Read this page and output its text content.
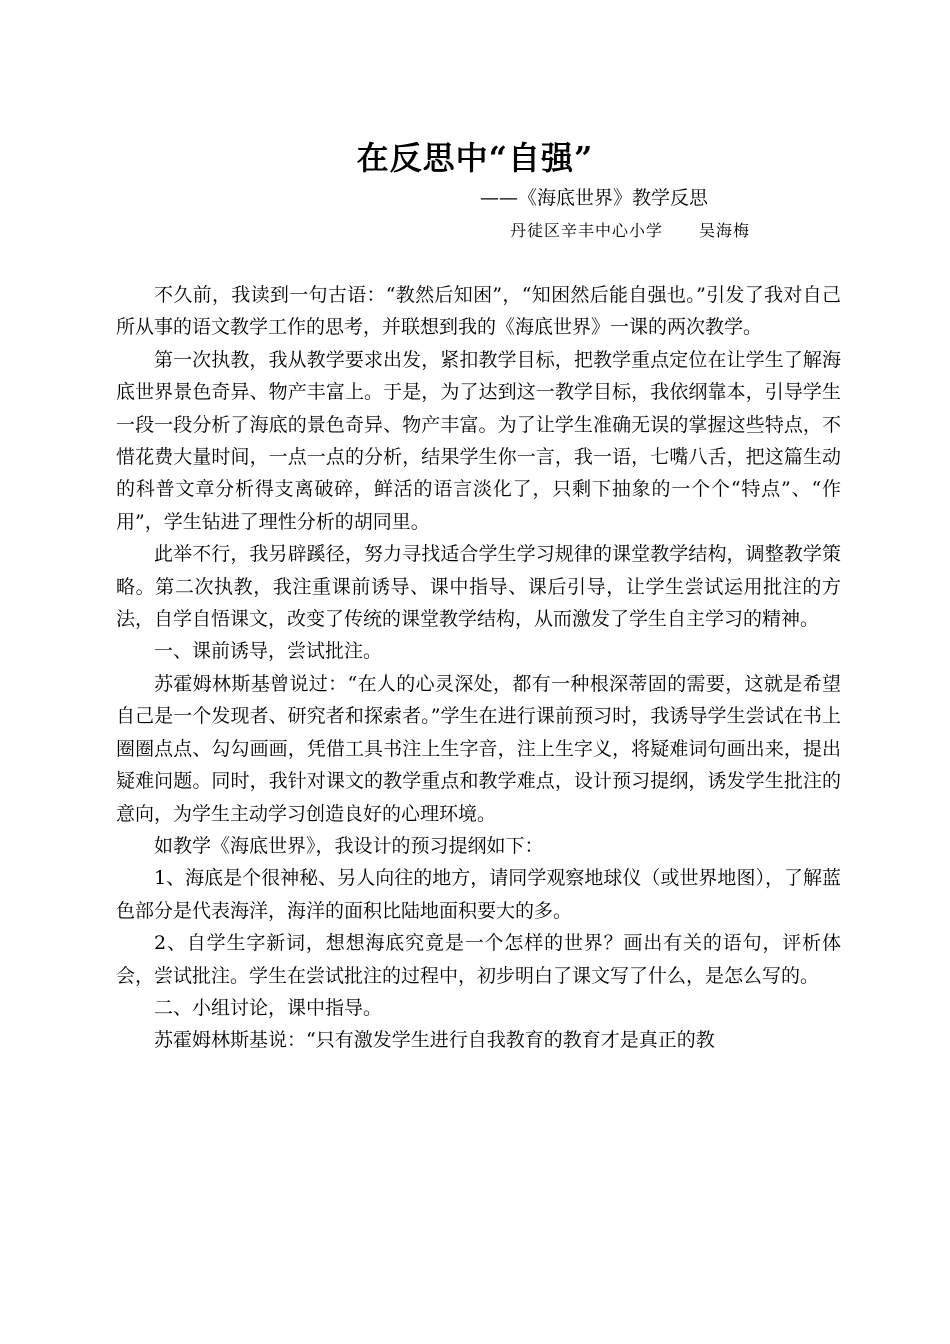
在反思中“自强”
——《海底世界》教学反思
丹徒区辛丰中心小学 吴海梅

不久前，我读到一句古语：“教然后知困”，“知困然后能自强也。”引发了我对自己所从事的语文教学工作的思考，并联想到我的《海底世界》一课的两次教学。

第一次执教，我从教学要求出发，紧扣教学目标，把教学重点定位在让学生了解海底世界景色奇异、物产丰富上。于是，为了达到这一教学目标，我依纲靠本，引导学生一段一段分析了海底的景色奇异、物产丰富。为了让学生准确无误的掌握这些特点，不惜花费大量时间，一点一点的分析，结果学生你一言，我一语，七嘴八舌，把这篇生动的科普文章分析得支离破碎，鲜活的语言淡化了，只剩下抽象的一个个“特点”、“作用”，学生钻进了理性分析的胡同里。

此举不行，我另辟蹊径，努力寻找适合学生学习规律的课堂教学结构，调整教学策略。第二次执教，我注重课前诱导、课中指导、课后引导，让学生尝试运用批注的方法，自学自悟课文，改变了传统的课堂教学结构，从而激发了学生自主学习的精神。

一、课前诱导，尝试批注。

苏霍姆林斯基曾说过：“在人的心灵深处，都有一种根深蒂固的需要，这就是希望自己是一个发现者、研究者和探索者。”学生在进行课前预习时，我诱导学生尝试在书上圈圈点点、勾勾画画，凭借工具书注上生字音，注上生字义，将疑难词句画出来，提出疑难问题。同时，我针对课文的教学重点和教学难点，设计预习提纲，诱发学生批注的意向，为学生主动学习创造良好的心理环境。

如教学《海底世界》，我设计的预习提纲如下：

1、海底是个很神秘、另人向往的地方，请同学观察地球仪（或世界地图），了解蓝色部分是代表海洋，海洋的面积比陆地面积要大的多。

2、自学生字新词，想想海底究竟是一个怎样的世界？画出有关的语句，评析体会，尝试批注。学生在尝试批注的过程中，初步明白了课文写了什么，是怎么写的。

二、小组讨论，课中指导。

苏霍姆林斯基说：“只有激发学生进行自我教育的教育才是真正的教
